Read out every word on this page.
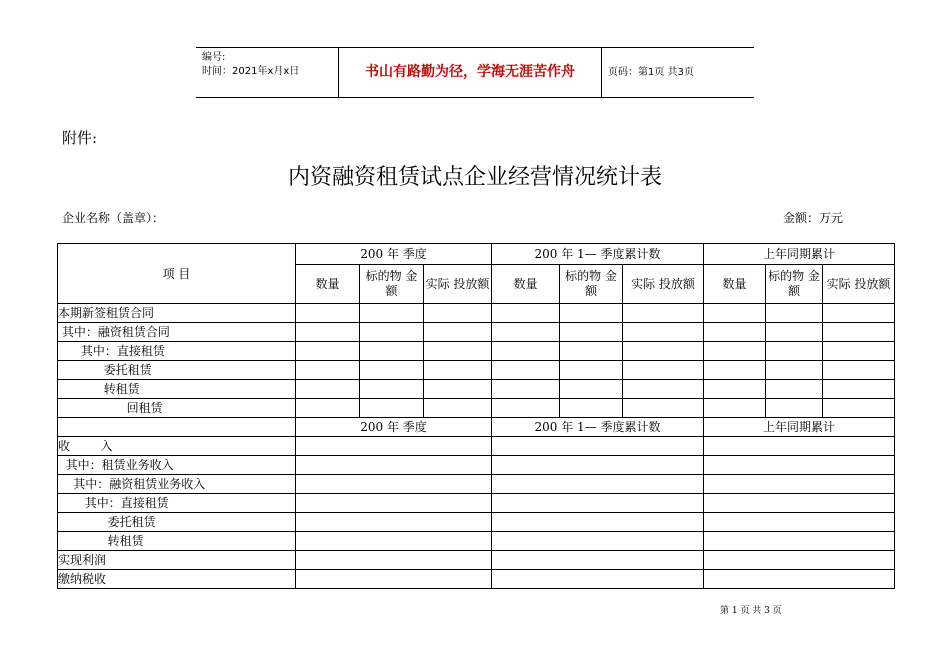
编号:
时间：2021年x月x日	书山有路勤为径，学海无涯苦作舟	页码：第1页 共3页
附件:
内资融资租赁试点企业经营情况统计表
企业名称（盖章）：	金额：万元
项 目	200 年 季度			200 年 1— 季度累计数			上年同期累计		
	数量	标的物 金额	实际 投放额	数量	标的物 金额	实际 投放额	数量	标的物 金额	实际 投放额
本期新签租赁合同									
其中：融资租赁合同									
其中：直接租赁									
委托租赁									
转租赁									
回租赁									
	200 年 季度			200 年 1— 季度累计数			上年同期累计		
收        入									
其中：租赁业务收入									
其中：融资租赁业务收入									
其中：直接租赁									
委托租赁									
转租赁									
实现利润									
缴纳税收									
第 1 页 共 3 页
